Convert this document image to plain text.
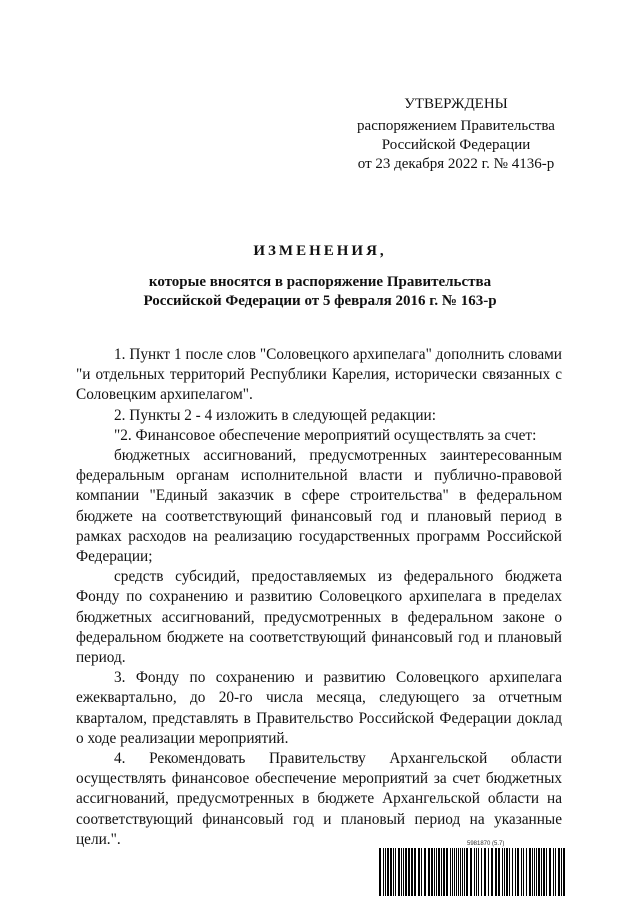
УТВЕРЖДЕНЫ
распоряжением Правительства
Российской Федерации
от 23 декабря 2022 г. № 4136-р
ИЗМЕНЕНИЯ,
которые вносятся в распоряжение Правительства
Российской Федерации от 5 февраля 2016 г. № 163-р

1. Пункт 1 после слов "Соловецкого архипелага" дополнить словами "и отдельных территорий Республики Карелия, исторически связанных с Соловецким архипелагом".

2. Пункты 2 - 4 изложить в следующей редакции:

"2. Финансовое обеспечение мероприятий осуществлять за счет:

бюджетных ассигнований, предусмотренных заинтересованным федеральным органам исполнительной власти и публично-правовой компании "Единый заказчик в сфере строительства" в федеральном бюджете на соответствующий финансовый год и плановый период в рамках расходов на реализацию государственных программ Российской Федерации;

средств субсидий, предоставляемых из федерального бюджета Фонду по сохранению и развитию Соловецкого архипелага в пределах бюджетных ассигнований, предусмотренных в федеральном законе о федеральном бюджете на соответствующий финансовый год и плановый период.

3. Фонду по сохранению и развитию Соловецкого архипелага ежеквартально, до 20-го числа месяца, следующего за отчетным кварталом, представлять в Правительство Российской Федерации доклад о ходе реализации мероприятий.

4. Рекомендовать Правительству Архангельской области осуществлять финансовое обеспечение мероприятий за счет бюджетных ассигнований, предусмотренных в бюджете Архангельской области на соответствующий финансовый год и плановый период на указанные цели.".	5981870 (5.7)
